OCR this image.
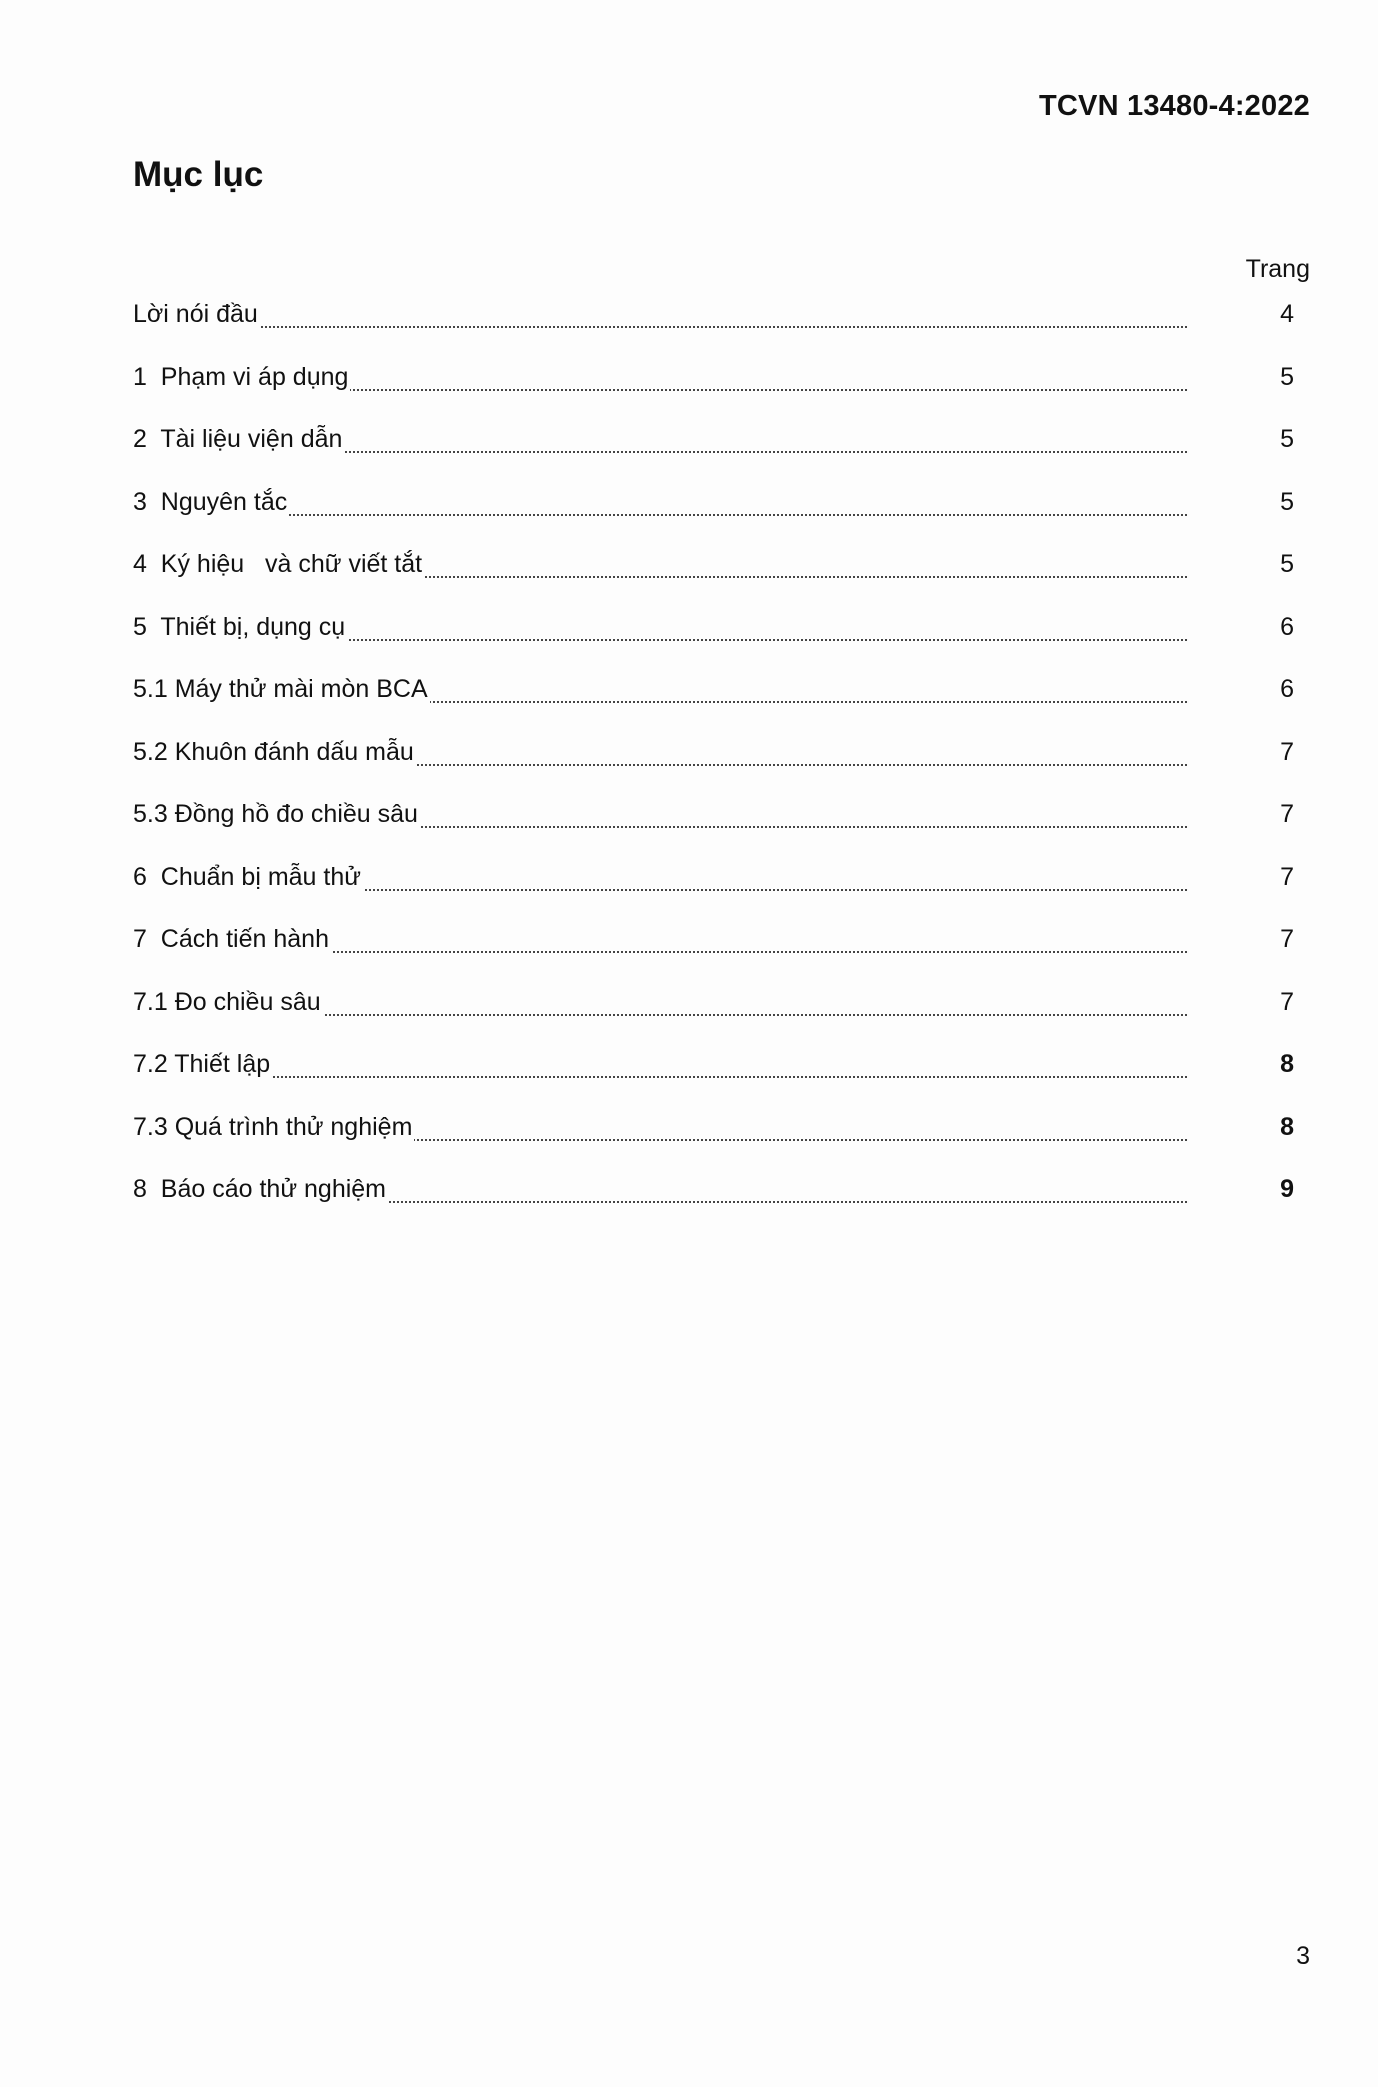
TCVN 13480-4:2022
Mục lục
Trang
Lời nói đầu	4
1  Phạm vi áp dụng	5
2  Tài liệu viện dẫn	5
3  Nguyên tắc	5
4  Ký hiệu   và chữ viết tắt	5
5  Thiết bị, dụng cụ	6
5.1 Máy thử mài mòn BCA	6
5.2 Khuôn đánh dấu mẫu	7
5.3 Đồng hồ đo chiều sâu	7
6  Chuẩn bị mẫu thử	7
7  Cách tiến hành	7
7.1 Đo chiều sâu	7
7.2 Thiết lập	8
7.3 Quá trình thử nghiệm	8
8  Báo cáo thử nghiệm	9
3
